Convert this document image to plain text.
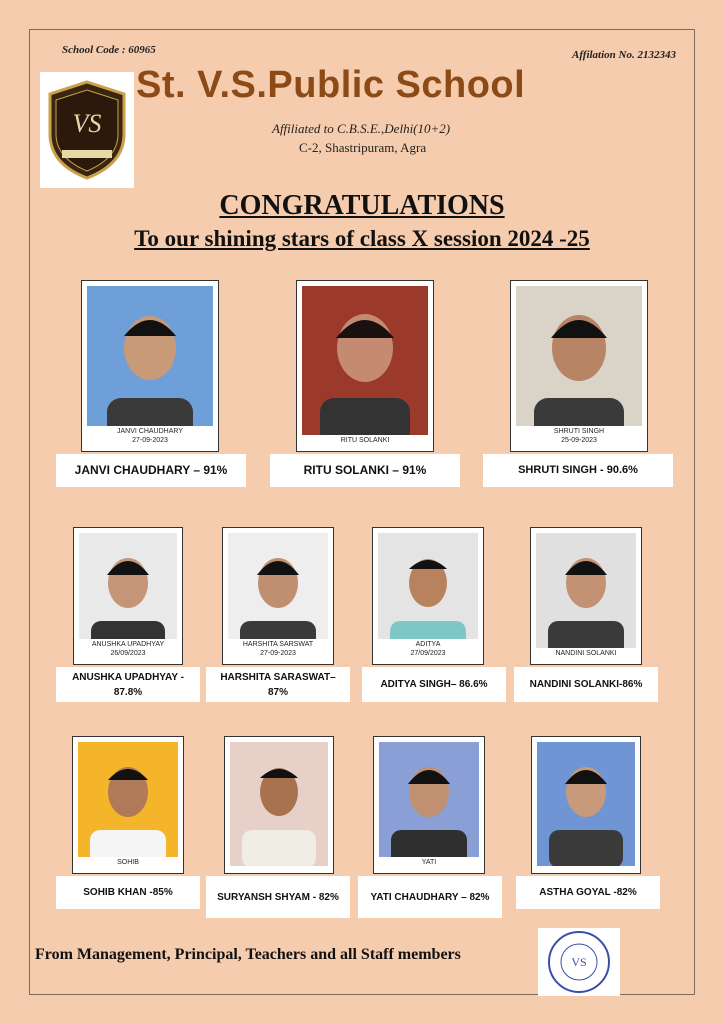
School Code : 60965	Affilation No. 2132343
VS
St. V.S.Public School
Affiliated to C.B.S.E.,Delhi(10+2)
C-2, Shastripuram, Agra
CONGRATULATIONS
To our shining stars of class X session 2024 -25
JANVI CHAUDHARY
27-09-2023
JANVI CHAUDHARY – 91%
RITU SOLANKI
RITU SOLANKI – 91%
SHRUTI SINGH
25-09-2023
SHRUTI SINGH - 90.6%
ANUSHKA UPADHYAY
26/09/2023
ANUSHKA UPADHYAY - 87.8%
HARSHITA SARSWAT
27-09-2023
HARSHITA SARASWAT– 87%
ADITYA
27/09/2023
ADITYA SINGH– 86.6%
NANDINI SOLANKI
NANDINI SOLANKI-86%
SOHIB
SOHIB KHAN -85%	SURYANSH SHYAM - 82%
YATI
YATI CHAUDHARY – 82%	ASTHA GOYAL -82%
From Management, Principal, Teachers and all Staff members	VS
